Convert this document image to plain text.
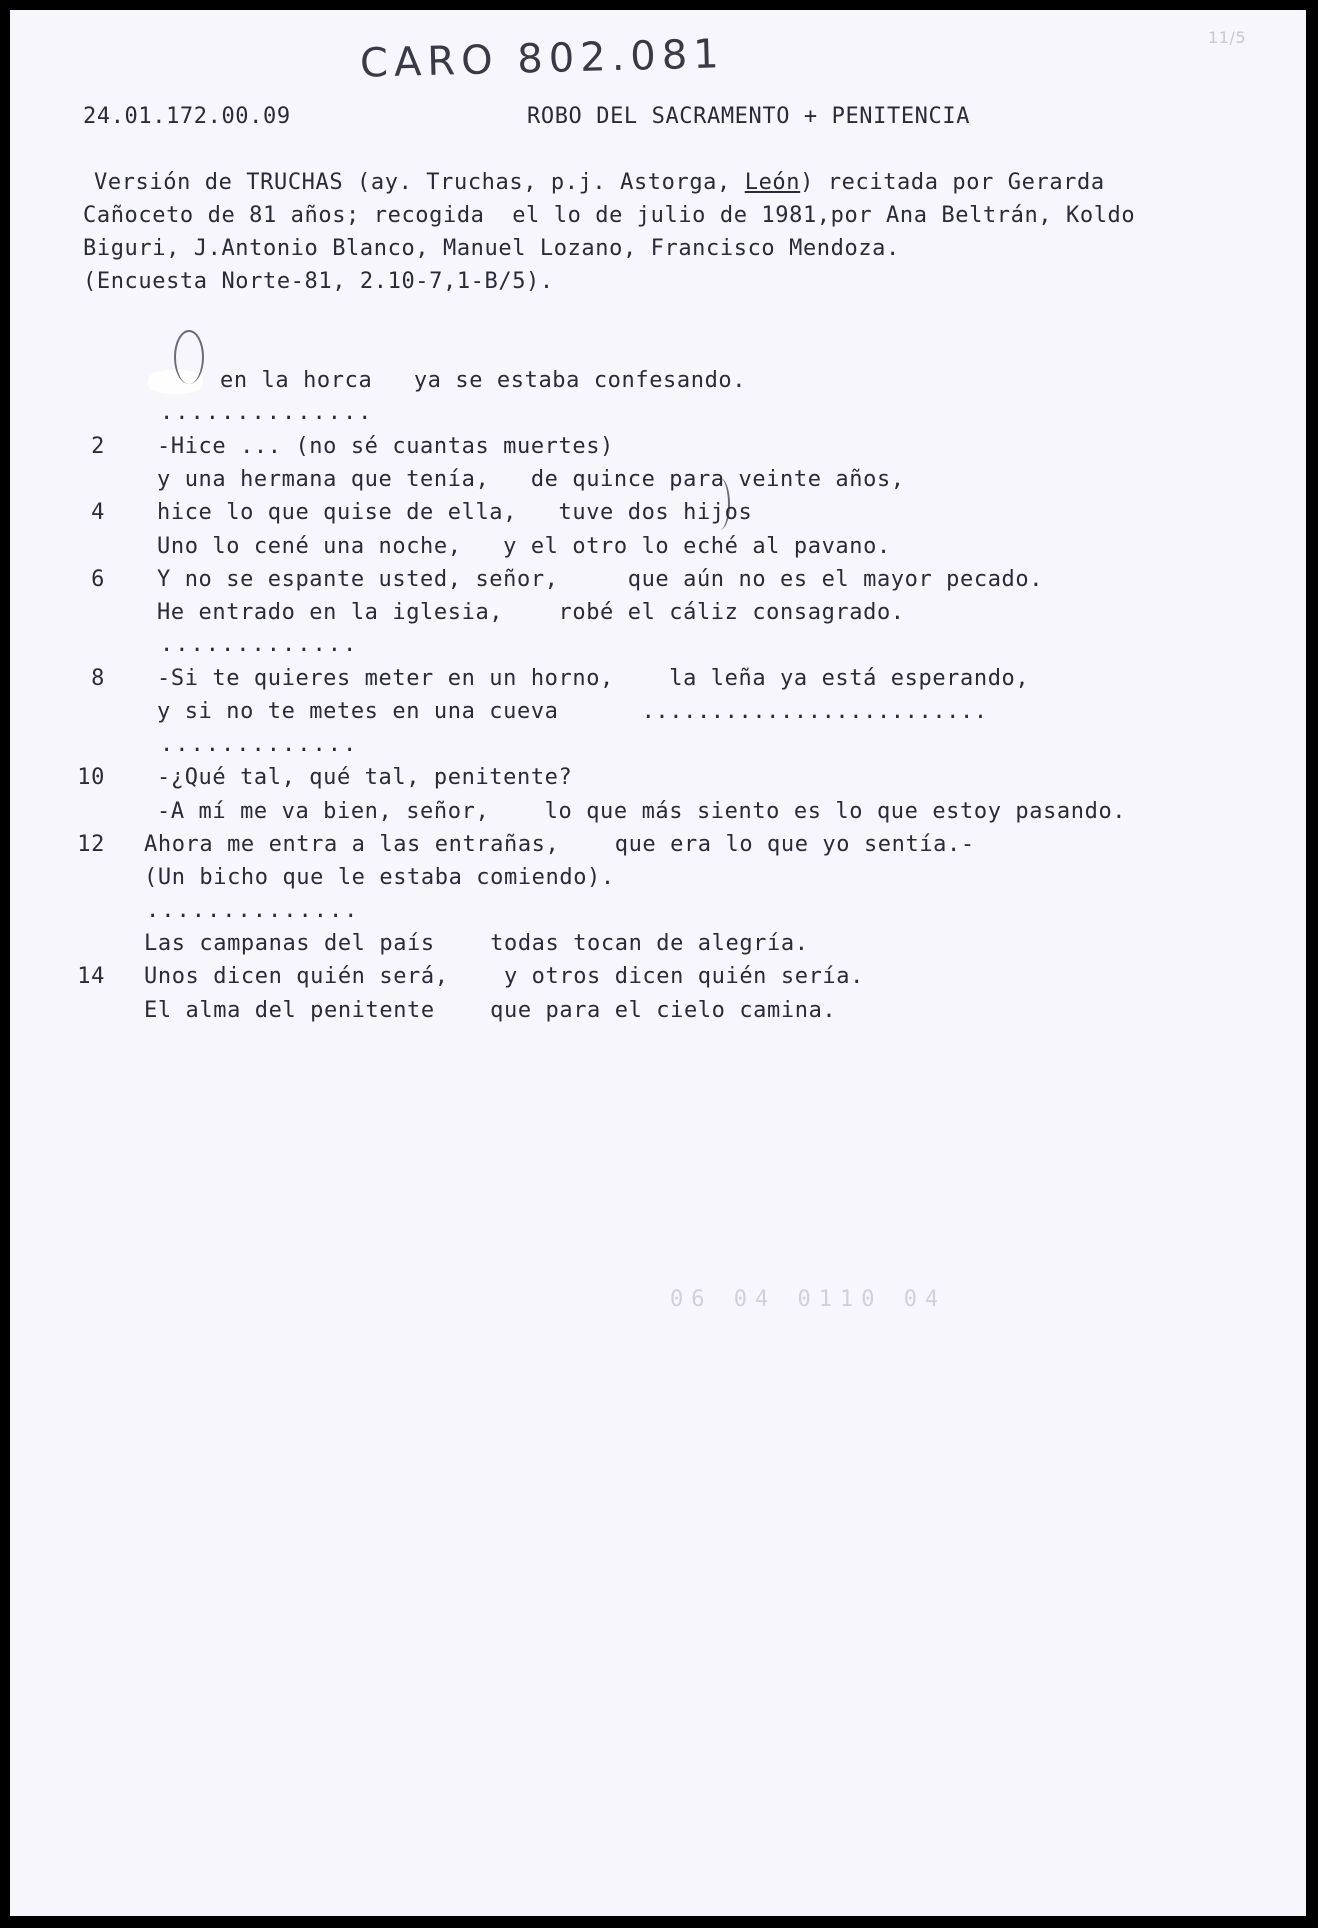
CARO 802.081	11/5
24.01.172.00.09	ROBO DEL SACRAMENTO + PENITENCIA
Versión de TRUCHAS (ay. Truchas, p.j. Astorga, León) recitada por Gerarda
Cañoceto de 81 años; recogida  el lo de julio de 1981,por Ana Beltrán, Koldo
Biguri, J.Antonio Blanco, Manuel Lozano, Francisco Mendoza.
(Encuesta Norte-81, 2.10-7,1-B/5).
en la horca   ya se estaba confesando.
..............
2 -Hice ... (no sé cuantas muertes)
y una hermana que tenía,   de quince para veinte años,
4 hice lo que quise de ella,   tuve dos hijos
Uno lo cené una noche,   y el otro lo eché al pavano.
6 Y no se espante usted, señor,     que aún no es el mayor pecado.
He entrado en la iglesia,    robé el cáliz consagrado.
.............
8 -Si te quieres meter en un horno,    la leña ya está esperando,
y si no te metes en una cueva      .........................
.............
10 -¿Qué tal, qué tal, penitente?
-A mí me va bien, señor,    lo que más siento es lo que estoy pasando.
12 Ahora me entra a las entrañas,    que era lo que yo sentía.-
(Un bicho que le estaba comiendo).
..............
Las campanas del país    todas tocan de alegría.
14 Unos dicen quién será,    y otros dicen quién sería.
El alma del penitente    que para el cielo camina.
06 04 0110 04
